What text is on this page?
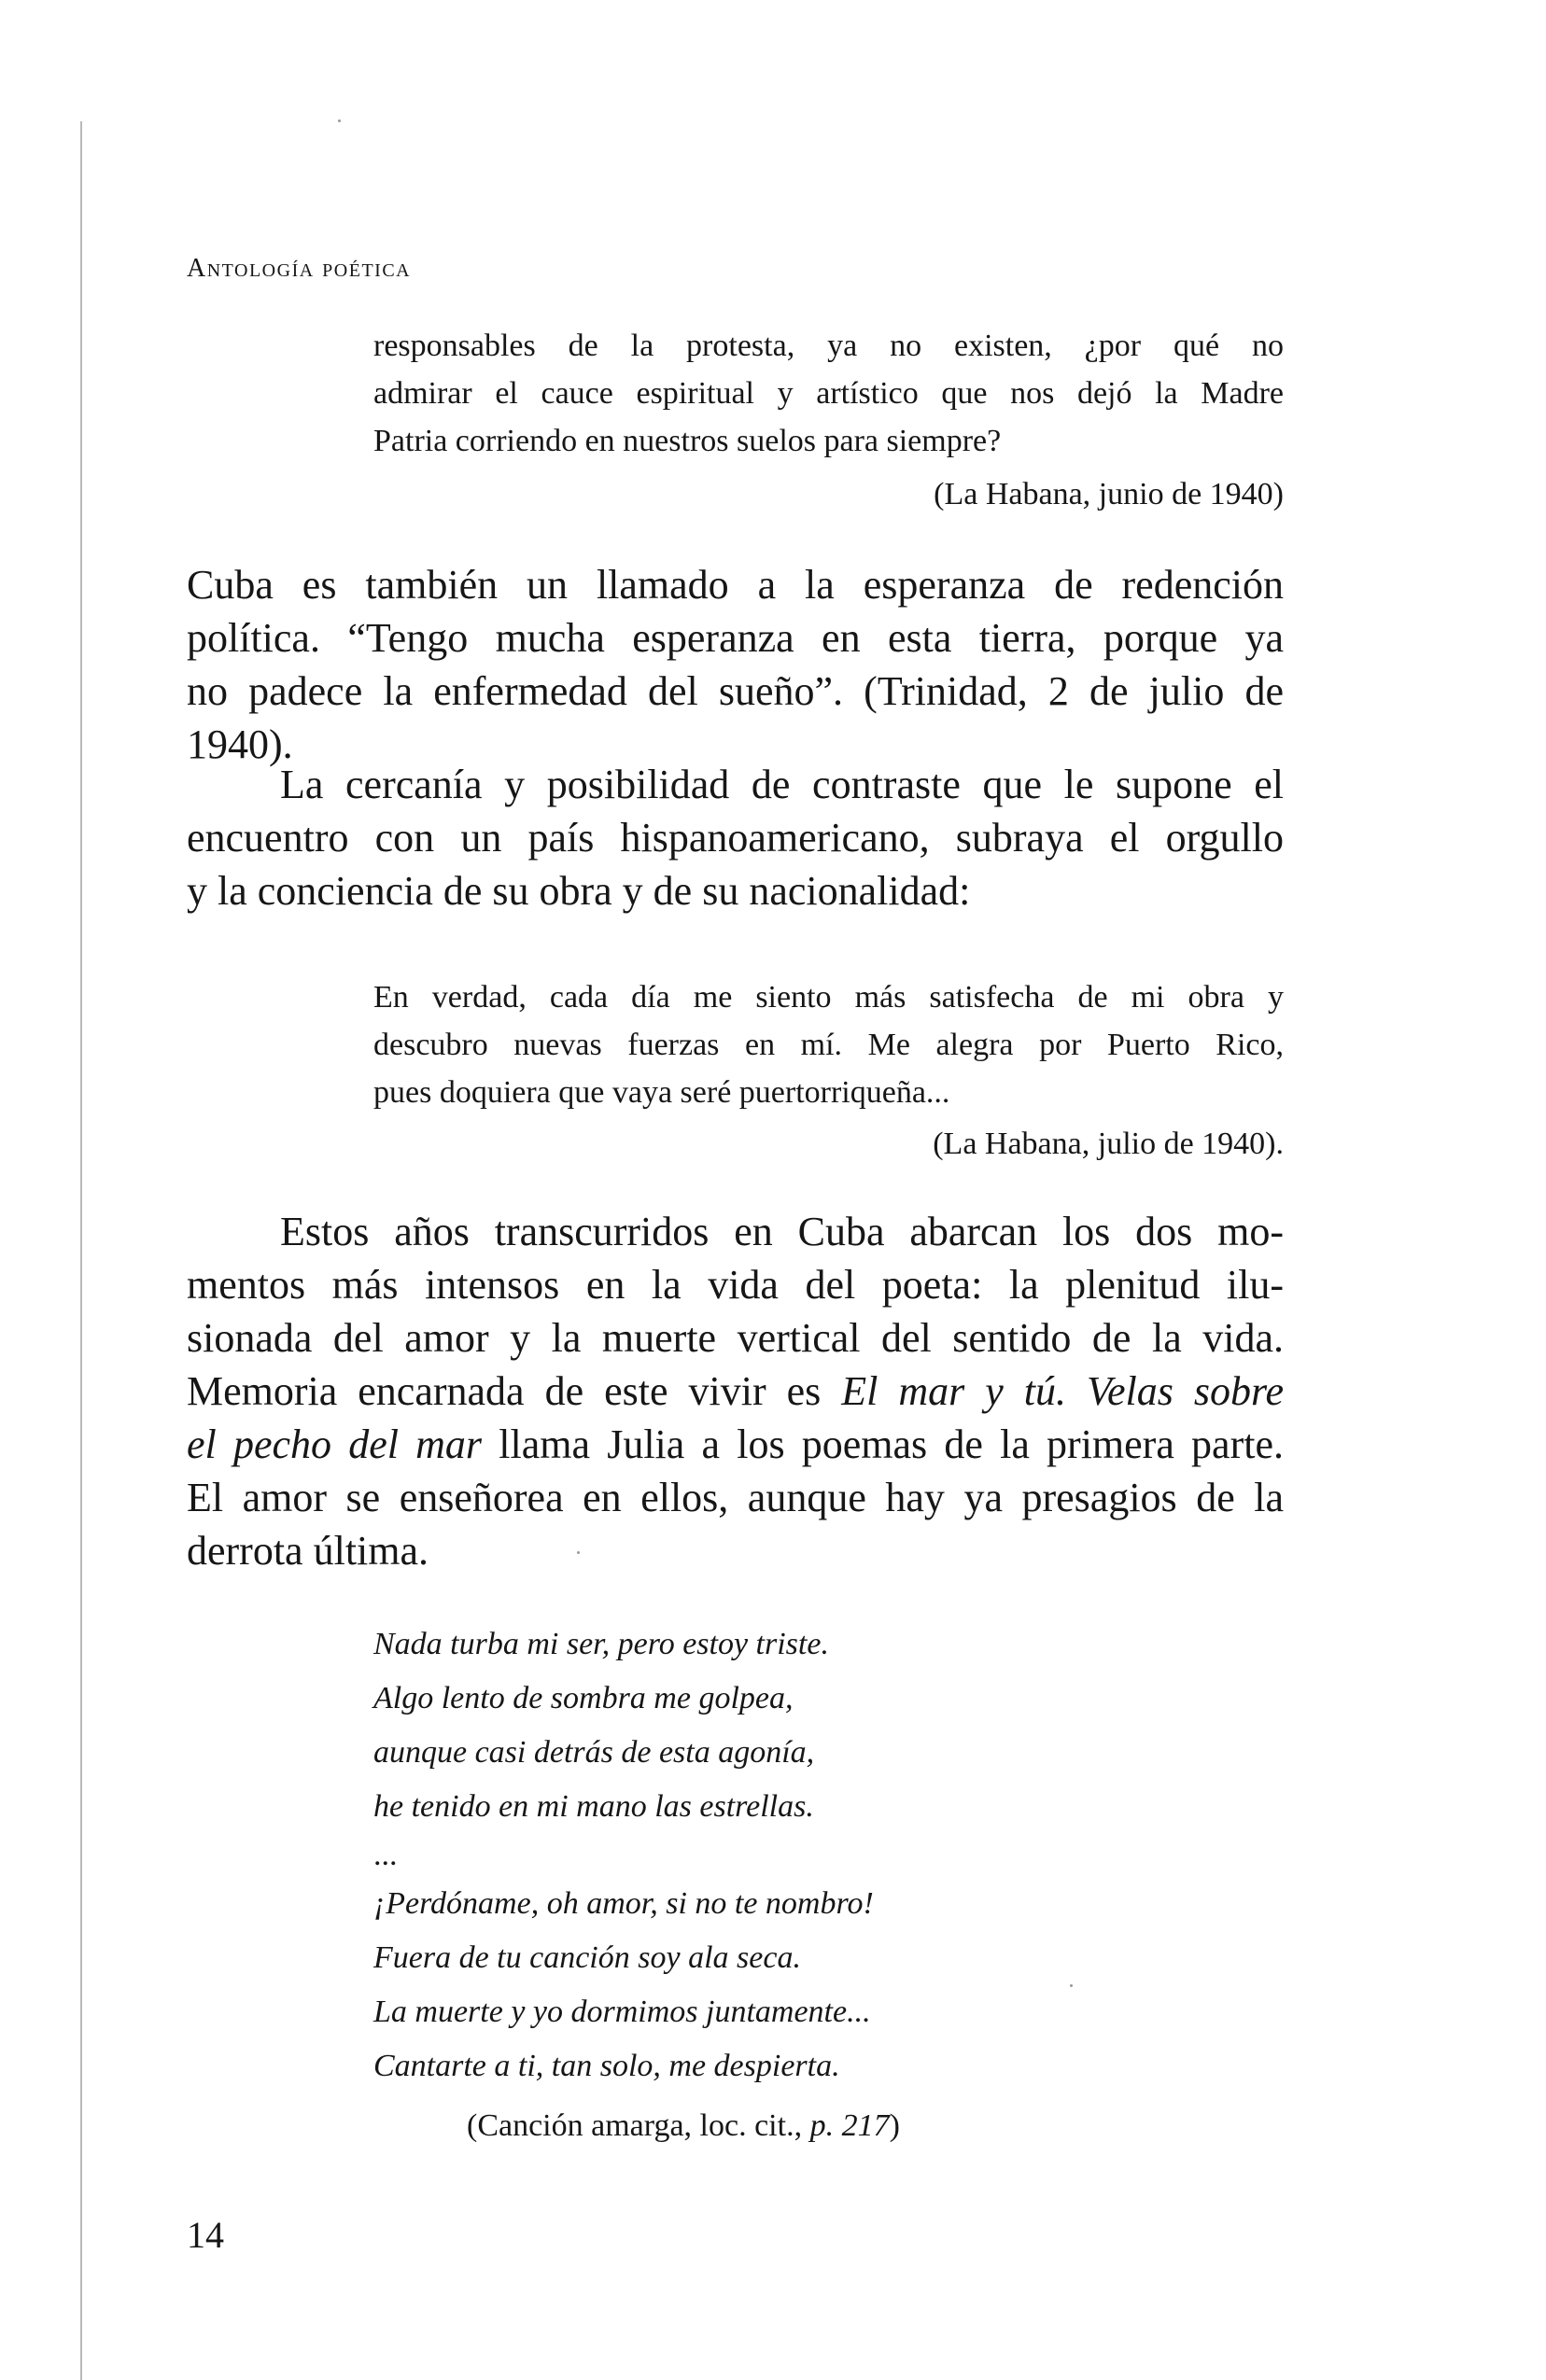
Antología poética
responsables de la protesta, ya no existen, ¿por qué no
admirar el cauce espiritual y artístico que nos dejó la Madre
Patria corriendo en nuestros suelos para siempre?
(La Habana, junio de 1940)
Cuba es también un llamado a la esperanza de redención
política. “Tengo mucha esperanza en esta tierra, porque ya
no padece la enfermedad del sueño”. (Trinidad, 2 de julio de
1940).
La cercanía y posibilidad de contraste que le supone el
encuentro con un país hispanoamericano, subraya el orgullo
y la conciencia de su obra y de su nacionalidad:
En verdad, cada día me siento más satisfecha de mi obra y
descubro nuevas fuerzas en mí. Me alegra por Puerto Rico,
pues doquiera que vaya seré puertorriqueña...
(La Habana, julio de 1940).
Estos años transcurridos en Cuba abarcan los dos mo-
mentos más intensos en la vida del poeta: la plenitud ilu-
sionada del amor y la muerte vertical del sentido de la vida.
Memoria encarnada de este vivir es El mar y tú. Velas sobre
el pecho del mar llama Julia a los poemas de la primera parte.
El amor se enseñorea en ellos, aunque hay ya presagios de la
derrota última.
Nada turba mi ser, pero estoy triste.
Algo lento de sombra me golpea,
aunque casi detrás de esta agonía,
he tenido en mi mano las estrellas.
...
¡Perdóname, oh amor, si no te nombro!
Fuera de tu canción soy ala seca.
La muerte y yo dormimos juntamente...
Cantarte a ti, tan solo, me despierta.
(Canción amarga, loc. cit., p. 217)
14
